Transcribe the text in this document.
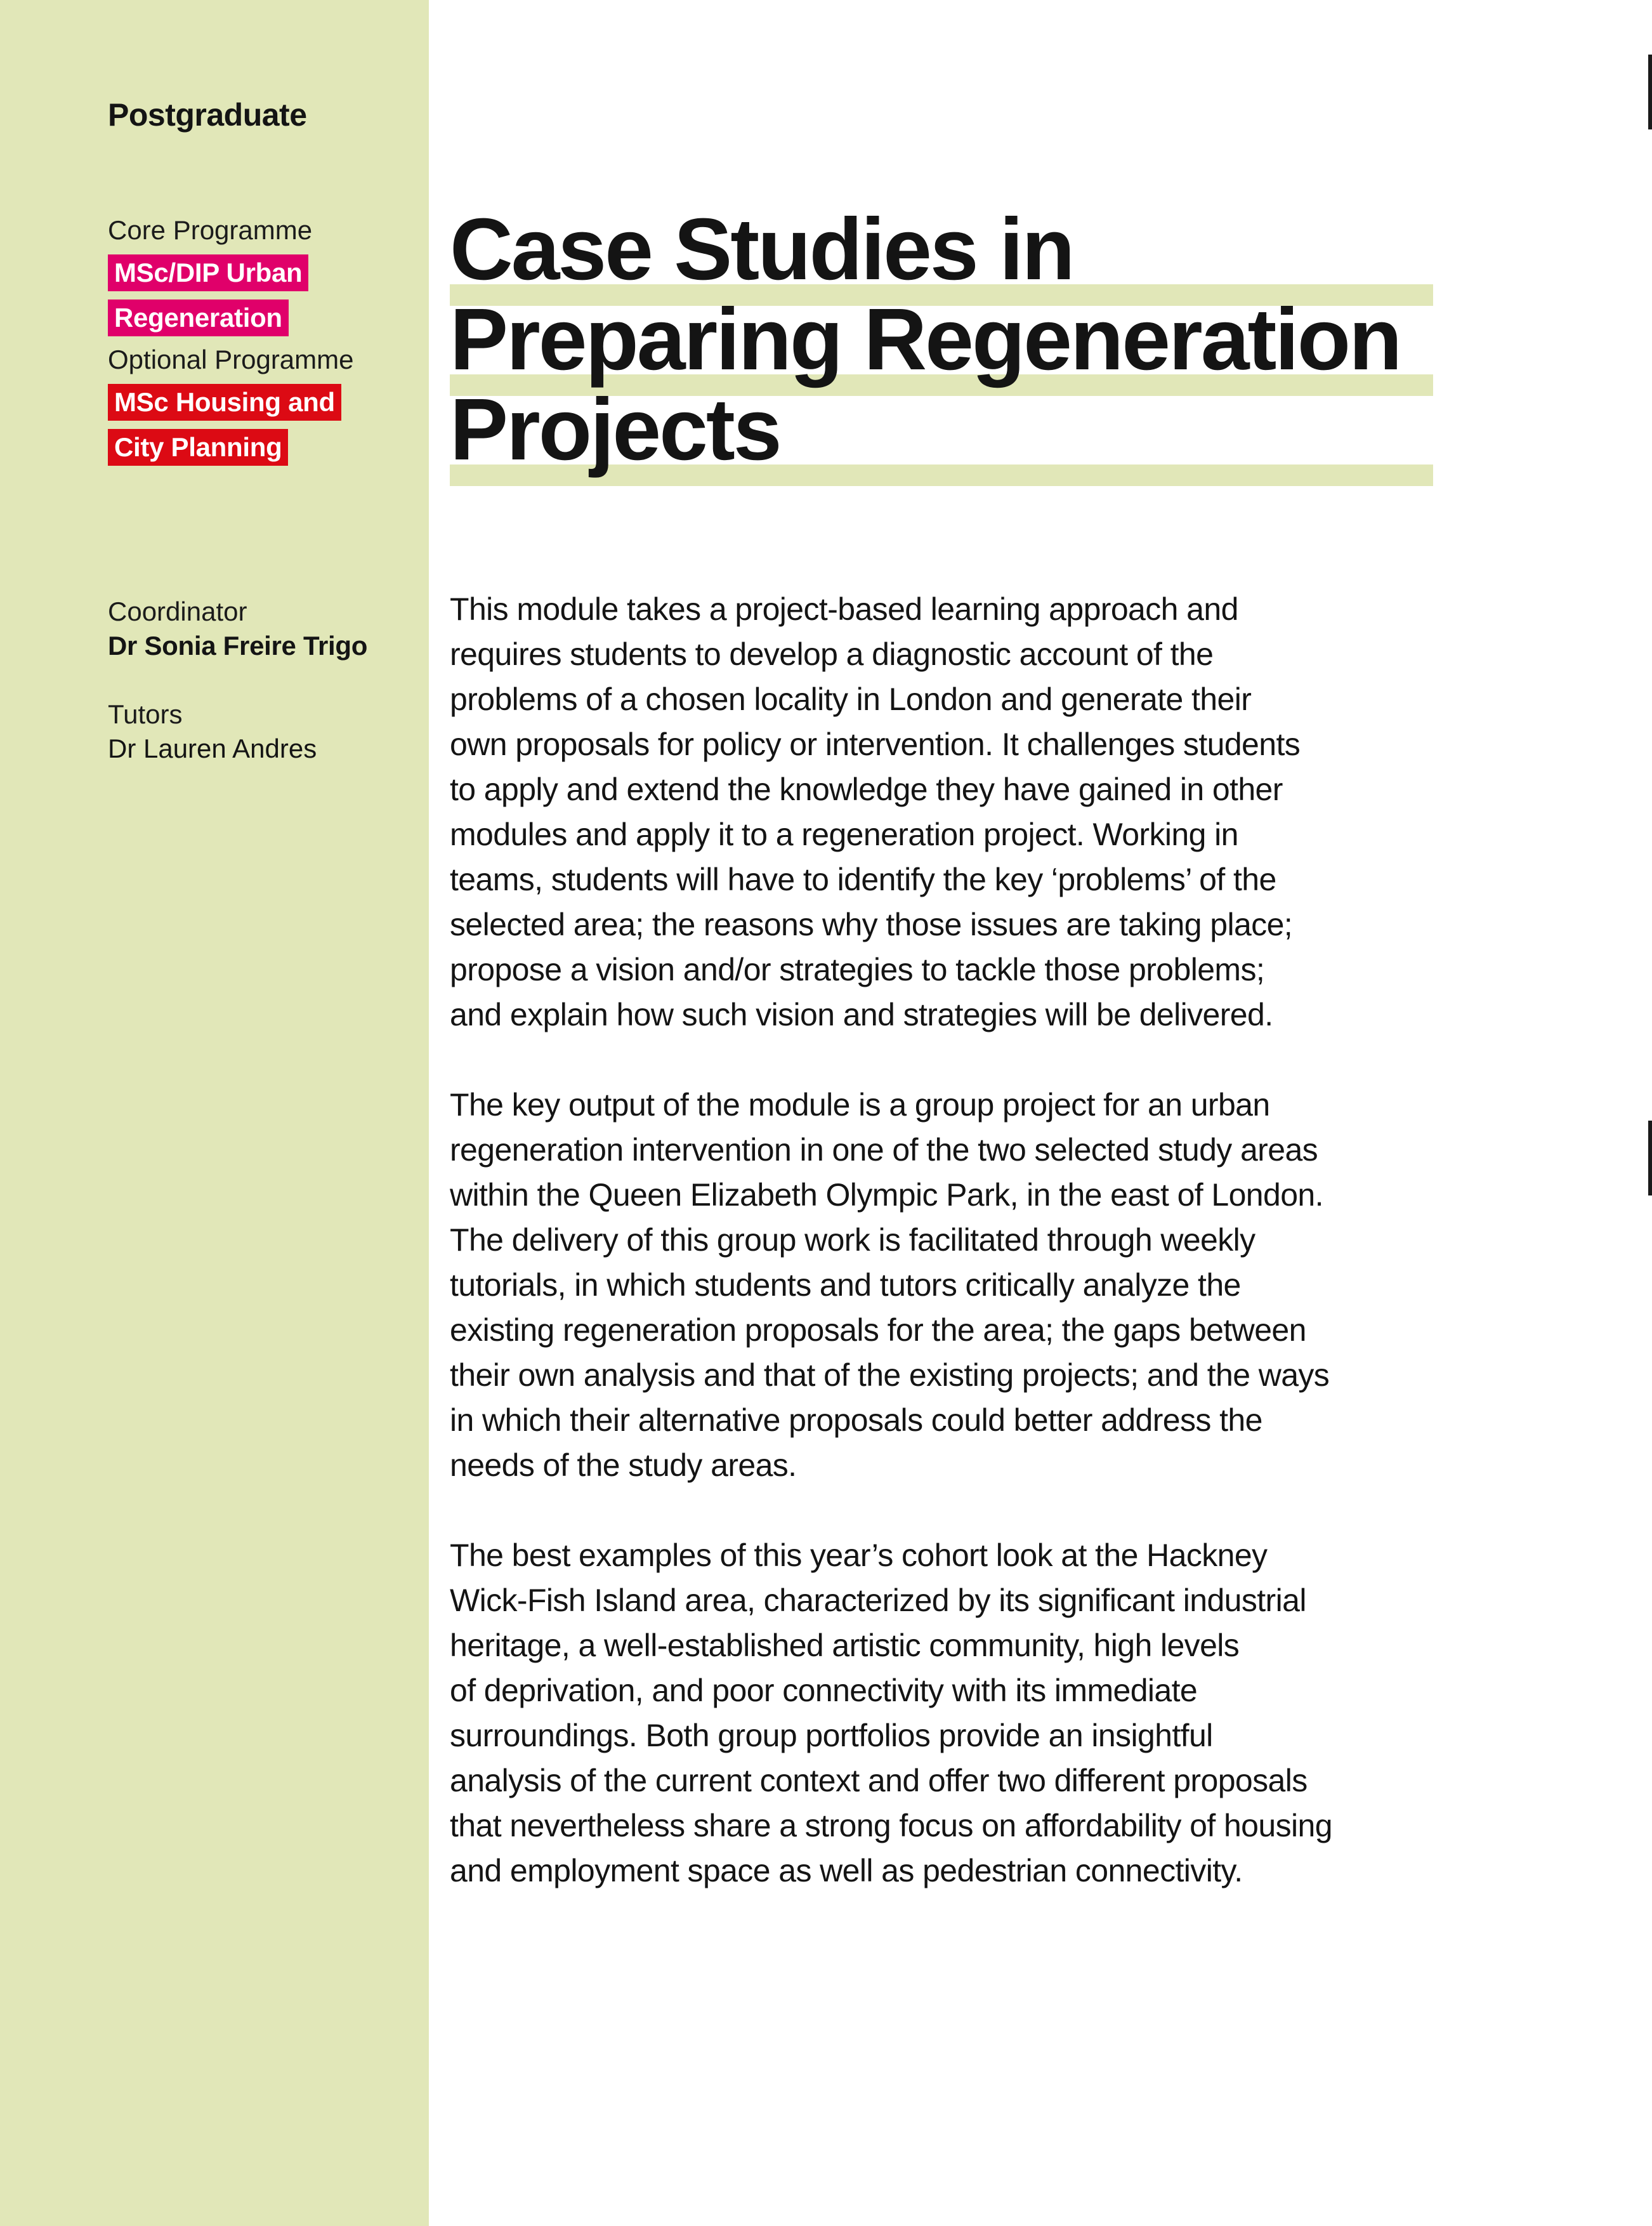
Postgraduate
Core Programme
MSc/DIP Urban
Regeneration
Optional Programme
MSc Housing and
City Planning
Coordinator
Dr Sonia Freire Trigo
Tutors
Dr Lauren Andres
Case Studies in
Preparing Regeneration
Projects
This module takes a project-based learning approach and
requires students to develop a diagnostic account of the
problems of a chosen locality in London and generate their
own proposals for policy or intervention. It challenges students
to apply and extend the knowledge they have gained in other
modules and apply it to a regeneration project. Working in
teams, students will have to identify the key ‘problems’ of the
selected area; the reasons why those issues are taking place;
propose a vision and/or strategies to tackle those problems;
and explain how such vision and strategies will be delivered.
The key output of the module is a group project for an urban
regeneration intervention in one of the two selected study areas
within the Queen Elizabeth Olympic Park, in the east of London.
The delivery of this group work is facilitated through weekly
tutorials, in which students and tutors critically analyze the
existing regeneration proposals for the area; the gaps between
their own analysis and that of the existing projects; and the ways
in which their alternative proposals could better address the
needs of the study areas.
The best examples of this year’s cohort look at the Hackney
Wick-Fish Island area, characterized by its significant industrial
heritage, a well-established artistic community, high levels
of deprivation, and poor connectivity with its immediate
surroundings. Both group portfolios provide an insightful
analysis of the current context and offer two different proposals
that nevertheless share a strong focus on affordability of housing
and employment space as well as pedestrian connectivity.
